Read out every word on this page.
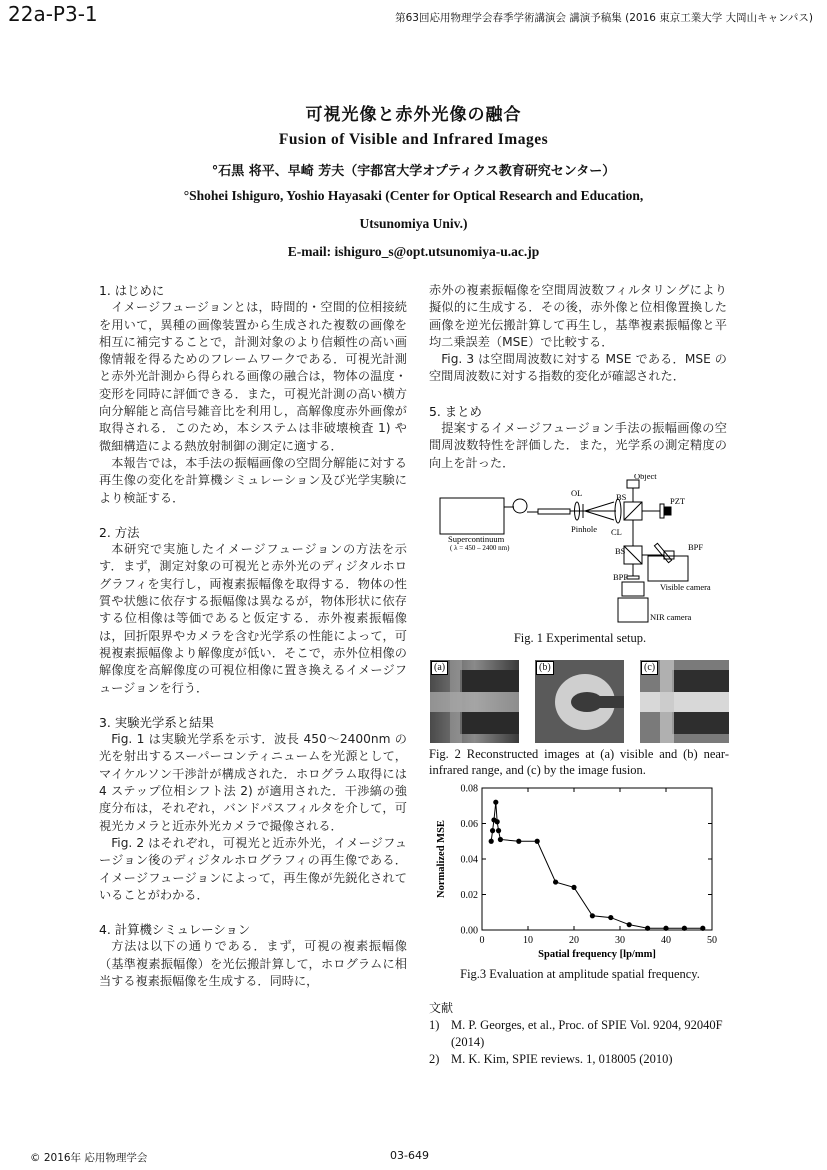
22a-P3-1	第63回応用物理学会春季学術講演会 講演予稿集 (2016 東京工業大学 大岡山キャンパス)
可視光像と赤外光像の融合
Fusion of Visible and Infrared Images
°石黒 将平、早崎 芳夫（宇都宮大学オプティクス教育研究センター）
°Shohei Ishiguro, Yoshio Hayasaki (Center for Optical Research and Education,
Utsunomiya Univ.)
E-mail: ishiguro_s@opt.utsunomiya-u.ac.jp
1. はじめに

イメージフュージョンとは，時間的・空間的位相接続を用いて，異種の画像装置から生成された複数の画像を相互に補完することで，計測対象のより信頼性の高い画像情報を得るためのフレームワークである．可視光計測と赤外光計測から得られる画像の融合は，物体の温度・変形を同時に評価できる．また，可視光計測の高い横方向分解能と高信号雑音比を利用し，高解像度赤外画像が取得される．このため，本システムは非破壊検査 1) や微細構造による熱放射制御の測定に適する．

本報告では，本手法の振幅画像の空間分解能に対する再生像の変化を計算機シミュレーション及び光学実験により検証する．

2. 方法

本研究で実施したイメージフュージョンの方法を示す．まず，測定対象の可視光と赤外光のディジタルホログラフィを実行し，両複素振幅像を取得する．物体の性質や状態に依存する振幅像は異なるが，物体形状に依存する位相像は等価であると仮定する．赤外複素振幅像は，回折限界やカメラを含む光学系の性能によって，可視複素振幅像より解像度が低い．そこで，赤外位相像の解像度を高解像度の可視位相像に置き換えるイメージフュージョンを行う．

3. 実験光学系と結果

Fig. 1 は実験光学系を示す．波長 450〜2400nm の光を射出するスーパーコンティニュームを光源として，マイケルソン干渉計が構成された．ホログラム取得には 4 ステップ位相シフト法 2) が適用された．干渉縞の強度分布は，それぞれ，バンドパスフィルタを介して，可視光カメラと近赤外光カメラで撮像される．

Fig. 2 はそれぞれ，可視光と近赤外光，イメージフュージョン後のディジタルホログラフィの再生像である．イメージフュージョンによって，再生像が先鋭化されていることがわかる．

4. 計算機シミュレーション

方法は以下の通りである．まず，可視の複素振幅像（基準複素振幅像）を光伝搬計算して，ホログラムに相当する複素振幅像を生成する．同時に，

赤外の複素振幅像を空間周波数フィルタリングにより擬似的に生成する．その後，赤外像と位相像置換した画像を逆光伝搬計算して再生し，基準複素振幅像と平均二乗誤差（MSE）で比較する．

Fig. 3 は空間周波数に対する MSE である．MSE の空間周波数に対する指数的変化が確認された．

5. まとめ

提案するイメージフュージョン手法の振幅画像の空間周波数特性を評価した．また，光学系の測定精度の向上を計った．

Object
PZT
OL	BS
CL
Pinhole
BS	BPF
BPF
Visible camera
NIR camera
Supercontinuum
( λ = 450 – 2400 nm)
Fig. 1 Experimental setup.
(a)	(b)	(c)
Fig. 2 Reconstructed images at (a) visible and (b) near-infrared range, and (c) by the image fusion.
0	10	20	30	40	50
0.00
0.02
0.04
0.06
0.08
Spatial frequency [lp/mm]
Normalized MSE
Fig.3 Evaluation at amplitude spatial frequency.
文献
1) M. P. Georges, et al., Proc. of SPIE Vol. 9204, 92040F (2014)
2) M. K. Kim, SPIE reviews. 1, 018005 (2010)
© 2016年 応用物理学会	03-649
